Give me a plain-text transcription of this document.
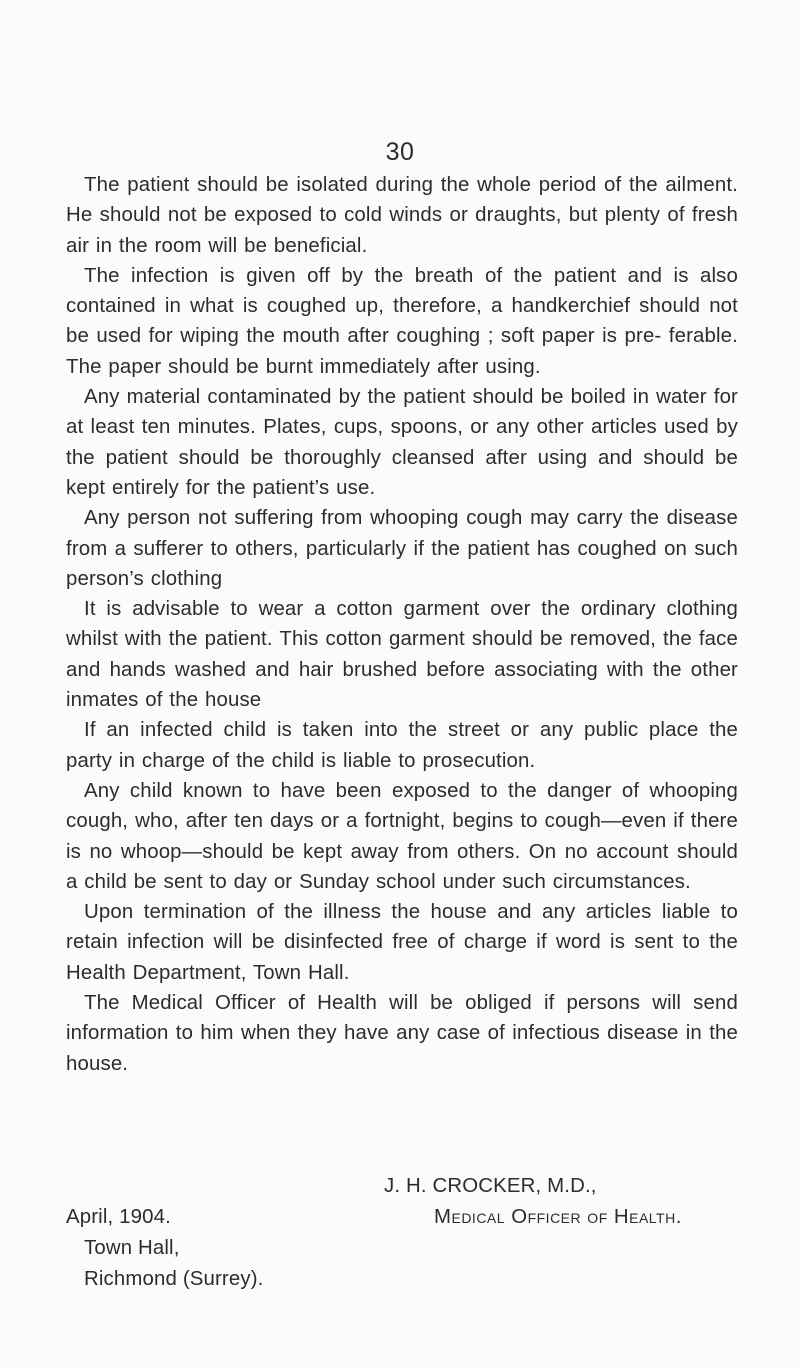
30

The patient should be isolated during the whole period of the ailment. He should not be exposed to cold winds or draughts, but plenty of fresh air in the room will be beneficial.

The infection is given off by the breath of the patient and is also contained in what is coughed up, therefore, a handkerchief should not be used for wiping the mouth after coughing ; soft paper is pre- ferable. The paper should be burnt immediately after using.

Any material contaminated by the patient should be boiled in water for at least ten minutes. Plates, cups, spoons, or any other articles used by the patient should be thoroughly cleansed after using and should be kept entirely for the patient’s use.

Any person not suffering from whooping cough may carry the disease from a sufferer to others, particularly if the patient has coughed on such person’s clothing

It is advisable to wear a cotton garment over the ordinary clothing whilst with the patient. This cotton garment should be removed, the face and hands washed and hair brushed before associating with the other inmates of the house

If an infected child is taken into the street or any public place the party in charge of the child is liable to prosecution.

Any child known to have been exposed to the danger of whooping cough, who, after ten days or a fortnight, begins to cough—even if there is no whoop—should be kept away from others. On no account should a child be sent to day or Sunday school under such circumstances.

Upon termination of the illness the house and any articles liable to retain infection will be disinfected free of charge if word is sent to the Health Department, Town Hall.

The Medical Officer of Health will be obliged if persons will send information to him when they have any case of infectious disease in the house.

J. H. CROCKER, M.D.,
April, 1904.	Medical Officer of Health.
Town Hall,
Richmond (Surrey).
